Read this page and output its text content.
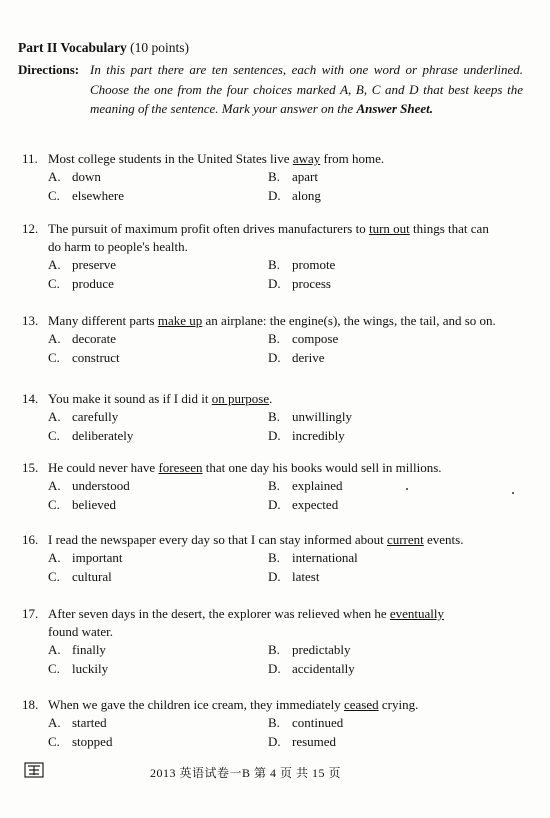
Part II Vocabulary (10 points)
Directions: In this part there are ten sentences, each with one word or phrase underlined. Choose the one from the four choices marked A, B, C and D that best keeps the meaning of the sentence. Mark your answer on the Answer Sheet.
11. Most college students in the United States live away from home.
A. down	B. apart
C. elsewhere	D. along
12. The pursuit of maximum profit often drives manufacturers to turn out things that can
do harm to people's health.
A. preserve	B. promote
C. produce	D. process
13. Many different parts make up an airplane: the engine(s), the wings, the tail, and so on.
A. decorate	B. compose
C. construct	D. derive
14. You make it sound as if I did it on purpose.
A. carefully	B. unwillingly
C. deliberately	D. incredibly
15. He could never have foreseen that one day his books would sell in millions.
A. understood	B. explained
C. believed	D. expected
16. I read the newspaper every day so that I can stay informed about current events.
A. important	B. international
C. cultural	D. latest
17. After seven days in the desert, the explorer was relieved when he eventually
found water.
A. finally	B. predictably
C. luckily	D. accidentally
18. When we gave the children ice cream, they immediately ceased crying.
A. started	B. continued
C. stopped	D. resumed
2013 英语试卷一B 第 4 页 共 15 页
